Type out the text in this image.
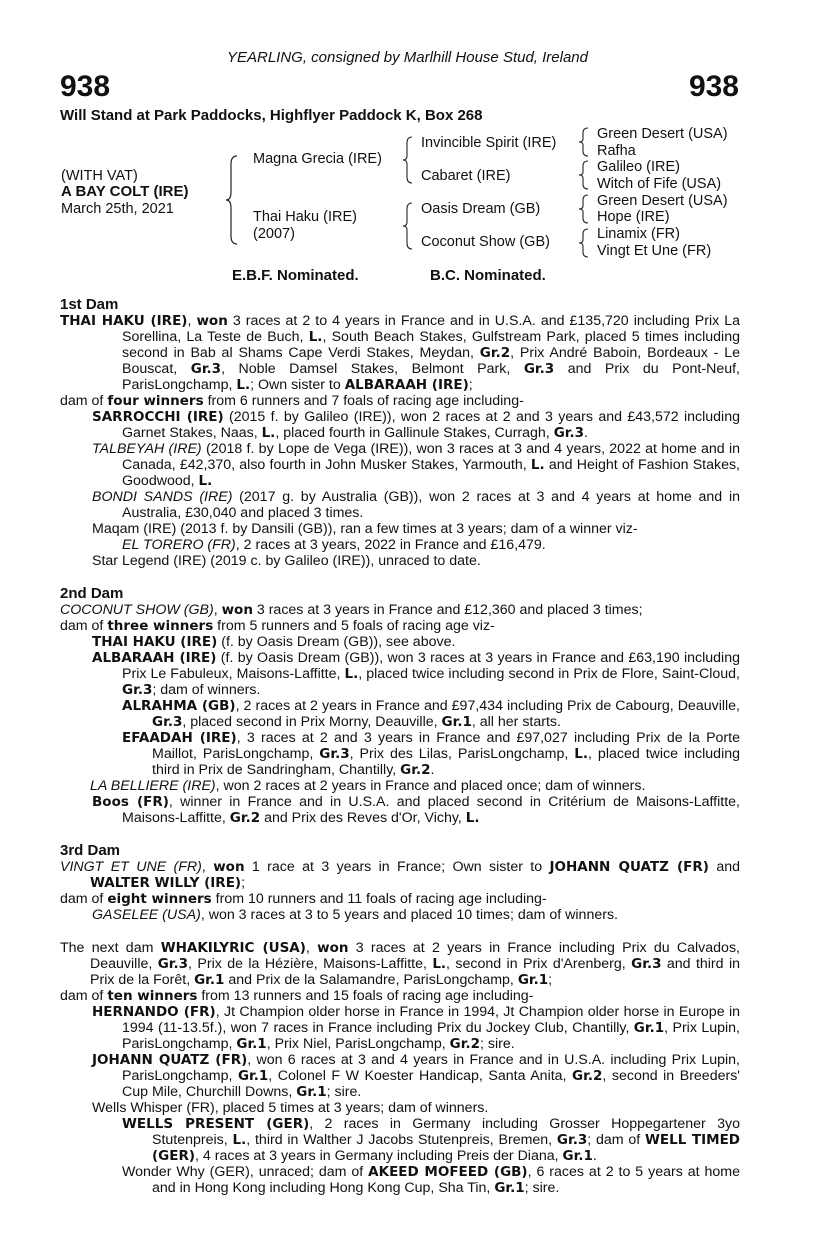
YEARLING, consigned by Marlhill House Stud, Ireland
938	938
Will Stand at Park Paddocks, Highflyer Paddock K, Box 268
(WITH VAT)
A BAY COLT (IRE)
March 25th, 2021
Magna Grecia (IRE)
Thai Haku (IRE)
(2007)
Invincible Spirit (IRE)
Cabaret (IRE)
Oasis Dream (GB)
Coconut Show (GB)
Green Desert (USA)
Rafha
Galileo (IRE)
Witch of Fife (USA)
Green Desert (USA)
Hope (IRE)
Linamix (FR)
Vingt Et Une (FR)
E.B.F. Nominated.	B.C. Nominated.
1st Dam
THAI HAKU (IRE), won 3 races at 2 to 4 years in France and in U.S.A. and £135,720 including Prix La Sorellina, La Teste de Buch, L., South Beach Stakes, Gulfstream Park, placed 5 times including second in Bab al Shams Cape Verdi Stakes, Meydan, Gr.2, Prix André Baboin, Bordeaux - Le Bouscat, Gr.3, Noble Damsel Stakes, Belmont Park, Gr.3 and Prix du Pont-Neuf, ParisLongchamp, L.; Own sister to ALBARAAH (IRE);
dam of four winners from 6 runners and 7 foals of racing age including-
SARROCCHI (IRE) (2015 f. by Galileo (IRE)), won 2 races at 2 and 3 years and £43,572 including Garnet Stakes, Naas, L., placed fourth in Gallinule Stakes, Curragh, Gr.3.
TALBEYAH (IRE) (2018 f. by Lope de Vega (IRE)), won 3 races at 3 and 4 years, 2022 at home and in Canada, £42,370, also fourth in John Musker Stakes, Yarmouth, L. and Height of Fashion Stakes, Goodwood, L.
BONDI SANDS (IRE) (2017 g. by Australia (GB)), won 2 races at 3 and 4 years at home and in Australia, £30,040 and placed 3 times.
Maqam (IRE) (2013 f. by Dansili (GB)), ran a few times at 3 years; dam of a winner viz-
EL TORERO (FR), 2 races at 3 years, 2022 in France and £16,479.
Star Legend (IRE) (2019 c. by Galileo (IRE)), unraced to date.
2nd Dam
COCONUT SHOW (GB), won 3 races at 3 years in France and £12,360 and placed 3 times;
dam of three winners from 5 runners and 5 foals of racing age viz-
THAI HAKU (IRE) (f. by Oasis Dream (GB)), see above.
ALBARAAH (IRE) (f. by Oasis Dream (GB)), won 3 races at 3 years in France and £63,190 including Prix Le Fabuleux, Maisons-Laffitte, L., placed twice including second in Prix de Flore, Saint-Cloud, Gr.3; dam of winners.
ALRAHMA (GB), 2 races at 2 years in France and £97,434 including Prix de Cabourg, Deauville, Gr.3, placed second in Prix Morny, Deauville, Gr.1, all her starts.
EFAADAH (IRE), 3 races at 2 and 3 years in France and £97,027 including Prix de la Porte Maillot, ParisLongchamp, Gr.3, Prix des Lilas, ParisLongchamp, L., placed twice including third in Prix de Sandringham, Chantilly, Gr.2.
LA BELLIERE (IRE), won 2 races at 2 years in France and placed once; dam of winners.
Boos (FR), winner in France and in U.S.A. and placed second in Critérium de Maisons-Laffitte, Maisons-Laffitte, Gr.2 and Prix des Reves d'Or, Vichy, L.
3rd Dam
VINGT ET UNE (FR), won 1 race at 3 years in France; Own sister to JOHANN QUATZ (FR) and WALTER WILLY (IRE);
dam of eight winners from 10 runners and 11 foals of racing age including-
GASELEE (USA), won 3 races at 3 to 5 years and placed 10 times; dam of winners.
The next dam WHAKILYRIC (USA), won 3 races at 2 years in France including Prix du Calvados, Deauville, Gr.3, Prix de la Hézière, Maisons-Laffitte, L., second in Prix d'Arenberg, Gr.3 and third in Prix de la Forêt, Gr.1 and Prix de la Salamandre, ParisLongchamp, Gr.1;
dam of ten winners from 13 runners and 15 foals of racing age including-
HERNANDO (FR), Jt Champion older horse in France in 1994, Jt Champion older horse in Europe in 1994 (11-13.5f.), won 7 races in France including Prix du Jockey Club, Chantilly, Gr.1, Prix Lupin, ParisLongchamp, Gr.1, Prix Niel, ParisLongchamp, Gr.2; sire.
JOHANN QUATZ (FR), won 6 races at 3 and 4 years in France and in U.S.A. including Prix Lupin, ParisLongchamp, Gr.1, Colonel F W Koester Handicap, Santa Anita, Gr.2, second in Breeders' Cup Mile, Churchill Downs, Gr.1; sire.
Wells Whisper (FR), placed 5 times at 3 years; dam of winners.
WELLS PRESENT (GER), 2 races in Germany including Grosser Hoppegartener 3yo Stutenpreis, L., third in Walther J Jacobs Stutenpreis, Bremen, Gr.3; dam of WELL TIMED (GER), 4 races at 3 years in Germany including Preis der Diana, Gr.1.
Wonder Why (GER), unraced; dam of AKEED MOFEED (GB), 6 races at 2 to 5 years at home and in Hong Kong including Hong Kong Cup, Sha Tin, Gr.1; sire.
